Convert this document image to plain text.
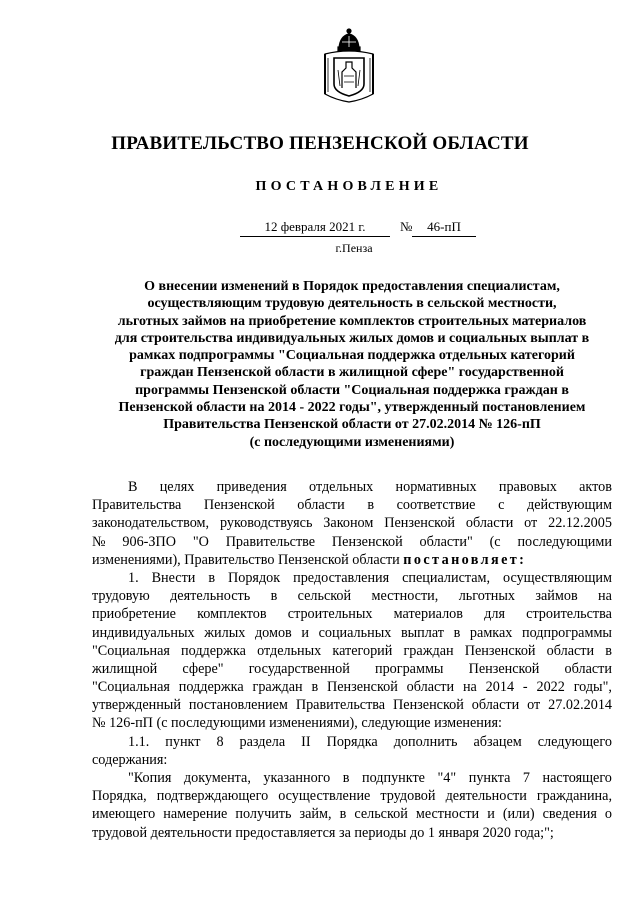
ПРАВИТЕЛЬСТВО ПЕНЗЕНСКОЙ ОБЛАСТИ
ПОСТАНОВЛЕНИЕ
12 февраля 2021 г.	№	46-пП
г.Пенза
О внесении изменений в Порядок предоставления специалистам,
осуществляющим трудовую деятельность в сельской местности,
льготных займов на приобретение комплектов строительных материалов
для строительства индивидуальных жилых домов и социальных выплат в
рамках подпрограммы "Социальная поддержка отдельных категорий
граждан Пензенской области в жилищной сфере" государственной
программы Пензенской области "Социальная поддержка граждан в
Пензенской области на 2014 - 2022 годы", утвержденный постановлением
Правительства Пензенской области от 27.02.2014 № 126-пП
(с последующими изменениями)
В целях приведения отдельных нормативных правовых актов
Правительства Пензенской области в соответствие с действующим
законодательством, руководствуясь Законом Пензенской области от 22.12.2005
№ 906-ЗПО "О Правительстве Пензенской области" (с последующими
изменениями), Правительство Пензенской области
постановляет:
1. Внести в Порядок предоставления специалистам, осуществляющим
трудовую деятельность в сельской местности, льготных займов на
приобретение комплектов строительных материалов для строительства
индивидуальных жилых домов и социальных выплат в рамках подпрограммы
"Социальная поддержка отдельных категорий граждан Пензенской области в
жилищной сфере" государственной программы Пензенской области
"Социальная поддержка граждан в Пензенской области на 2014 - 2022 годы",
утвержденный постановлением Правительства Пензенской области от 27.02.2014
№ 126-пП (с последующими изменениями), следующие изменения:
1.1. пункт 8 раздела II Порядка дополнить абзацем следующего
содержания:
"Копия документа, указанного в подпункте "4" пункта 7 настоящего
Порядка, подтверждающего осуществление трудовой деятельности гражданина,
имеющего намерение получить займ, в сельской местности и (или) сведения о
трудовой деятельности предоставляется за периоды до 1 января 2020 года;";
